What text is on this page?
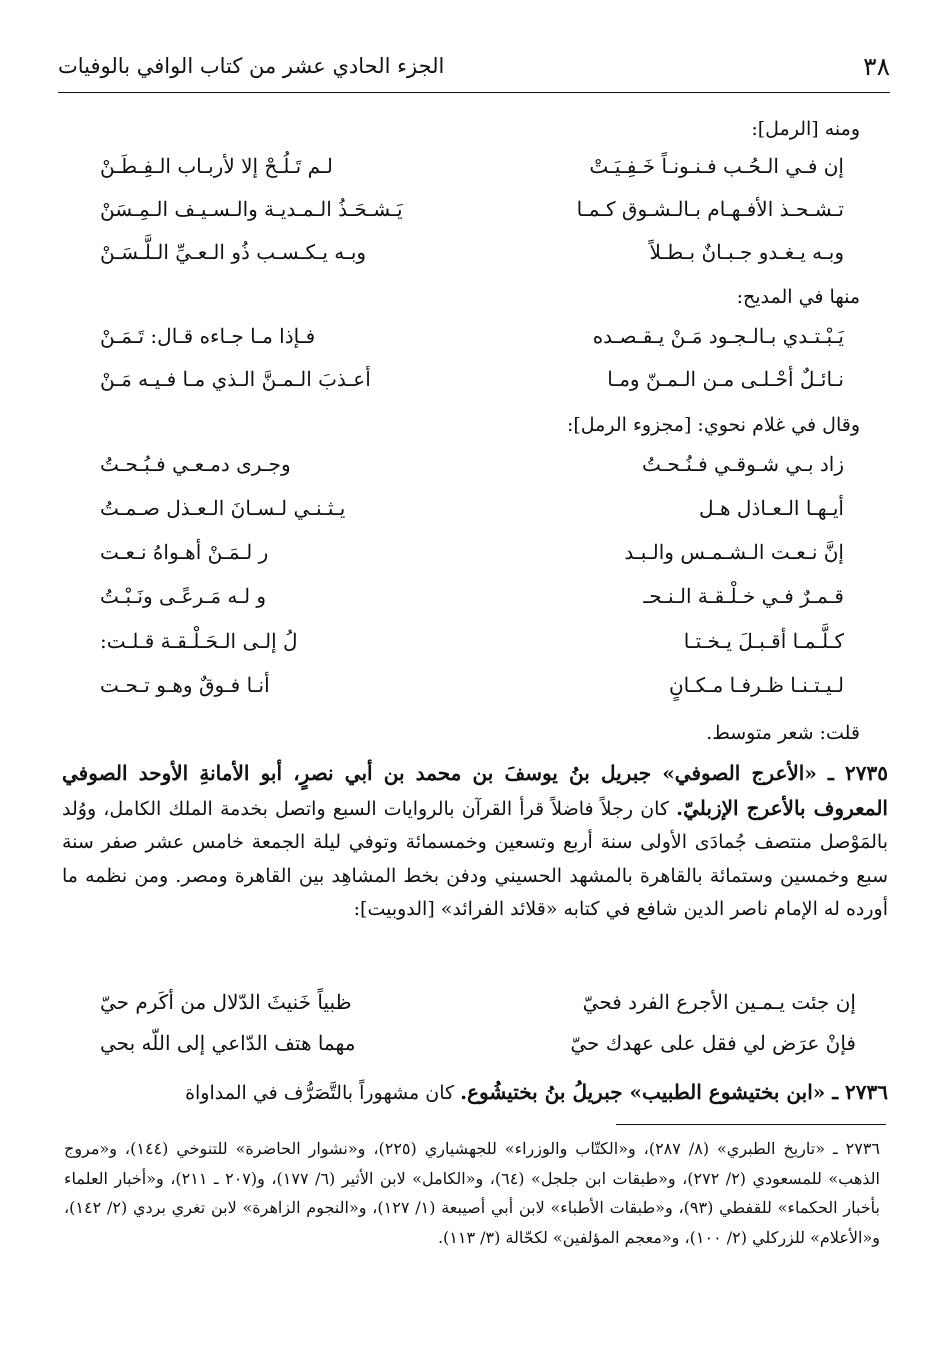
٣٨
الجزء الحادي عشر من كتاب الوافي بالوفيات
ومنه [الرمل]:
إن فـي الـحُـب فـنـونـاً خَـفِـيَـتْ
لـم تَـلُـحْ إلا لأربـاب الـفِـطَـنْ
تـشـحـذ الأفـهـام بـالـشـوق كـمـا
يَـشـحَـذُ الـمـديـة والـسـيـف الـمِـسَنْ
وبـه يـغـدو جـبـانٌ بـطـلاً
وبـه يـكـسـب ذُو الـعـيِّ الـلَّـسَـنْ
منها في المديح:
يَـبْـتـدي بـالـجـود مَـنْ يـقـصـده
فـإذا مـا جـاءه قـال: تَـمَـنْ
نـائـلٌ أحْـلـى مـن الـمـنّ ومـا
أعـذبَ الـمـنَّ الـذي مـا فـيـه مَـنْ
وقال في غلام نحوي: [مجزوء الرمل]:
زاد بـي شـوقـي فـنُـحـتُ
وجـرى دمـعـي فـبُـحـتُ
أيـهـا الـعـاذل هـل
يـثـنـي لـسـانَ الـعـذل صـمـتُ
إنَّ نـعـت الـشـمـس والـبـد
ر لـمَـنْ أهـواهُ نـعـت
قـمـرٌ فـي خـلْـقـة الـنـحـ
و لـه مَـرعًـى ونَـبْـتُ
كـلَّـمـا أقـبـلَ يـخـتـا
لُ إلـى الـحَـلْـقـة قـلـت:
لـيـتـنـا ظـرفـا مـكـانٍ
أنـا فـوقٌ وهـو تـحـت
قلت: شعر متوسط.
٢٧٣٥ ـ «الأعرج الصوفي» جبريل بنُ يوسفَ بن محمد بن أبي نصرٍ، أبو الأمانةِ الأوحد الصوفي المعروف بالأعرج الإزبليّ. كان رجلاً فاضلاً قرأ القرآن بالروايات السبع واتصل بخدمة الملك الكامل، ووُلد بالمَوْصل منتصف جُمادَى الأولى سنة أربع وتسعين وخمسمائة وتوفي ليلة الجمعة خامس عشر صفر سنة سبع وخمسين وستمائة بالقاهرة بالمشهد الحسيني ودفن بخط المشاهِد بين القاهرة ومصر. ومن نظمه ما أورده له الإمام ناصر الدين شافع في كتابه «قلائد الفرائد» [الدوبيت]:
إن جئت يـمـين الأجرع الفرد فحيّ
ظبياً خَنيثَ الدّلال من أكَرم حيّ
فإنْ عرَض لي فقل على عهدك حيّ
مهما هتف الدّاعي إلى اللّه بحي
٢٧٣٦ ـ «ابن بختيشوع الطبيب» جبريلُ بنُ بختيشُوع. كان مشهوراً بالتَّصَرُّف في المداواة
٢٧٣٦ ـ «تاريخ الطبري» (٨/ ٢٨٧)، و«الكتّاب والوزراء» للجهشياري (٢٢٥)، و«نشوار الحاضرة» للتنوخي (١٤٤)، و«مروج الذهب» للمسعودي (٢/ ٢٧٢)، و«طبقات ابن جلجل» (٦٤)، و«الكامل» لابن الأثير (٦/ ١٧٧)، و(٢٠٧ ـ ٢١١)، و«أخبار العلماء بأخبار الحكماء» للقفطي (٩٣)، و«طبقات الأطباء» لابن أبي أصيبعة (١/ ١٢٧)، و«النجوم الزاهرة» لابن تغري بردي (٢/ ١٤٢)، و«الأعلام» للزركلي (٢/ ١٠٠)، و«معجم المؤلفين» لكحّالة (٣/ ١١٣).
